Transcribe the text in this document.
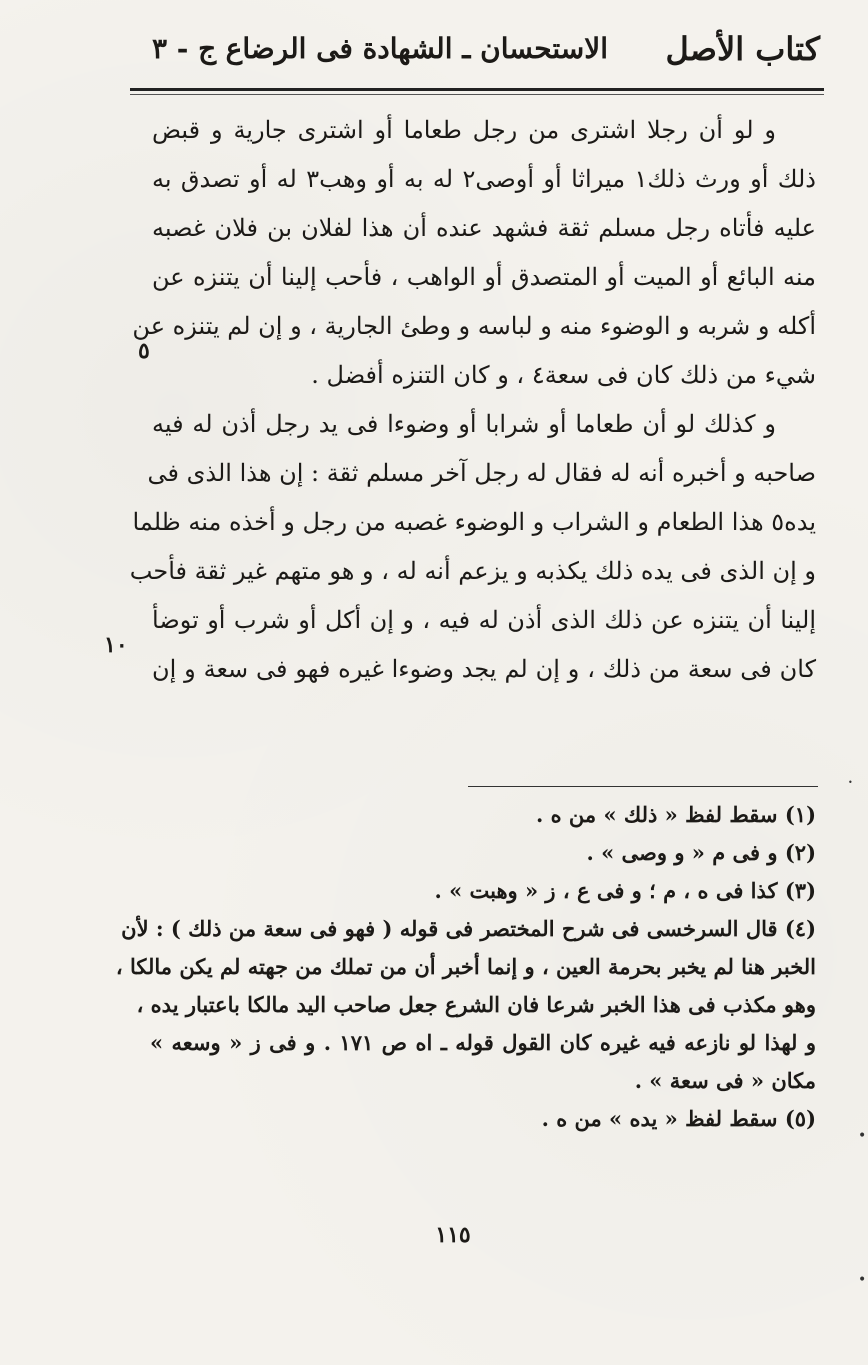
كتاب الأصل
الاستحسان ـ الشهادة فى الرضاع
ج - ٣
و لو أن رجلا اشترى من رجل طعاما أو اشترى جارية و قبض
ذلك أو ورث ذلك١ ميراثا أو أوصى٢ له به أو وهب٣ له أو تصدق به
عليه فأتاه رجل مسلم ثقة فشهد عنده أن هذا لفلان بن فلان غصبه
منه البائع أو الميت أو المتصدق أو الواهب ، فأحب إلينا أن يتنزه عن
أكله و شربه و الوضوء منه و لباسه و وطئ الجارية ، و إن لم يتنزه عن
شيء من ذلك كان فى سعة٤ ، و كان التنزه أفضل .
و كذلك لو أن طعاما أو شرابا أو وضوءا فى يد رجل أذن له فيه
صاحبه و أخبره أنه له فقال له رجل آخر مسلم ثقة : إن هذا الذى فى
يده٥ هذا الطعام و الشراب و الوضوء غصبه من رجل و أخذه منه ظلما
و إن الذى فى يده ذلك يكذبه و يزعم أنه له ، و هو متهم غير ثقة فأحب
إلينا أن يتنزه عن ذلك الذى أذن له فيه ، و إن أكل أو شرب أو توضأ
كان فى سعة من ذلك ، و إن لم يجد وضوءا غيره فهو فى سعة و إن
٥
١٠
(١) سقط لفظ « ذلك » من ه .
(٢) و فى م « و وصى » .
(٣) كذا فى ه ، م ؛ و فى ع ، ز « وهبت » .
(٤) قال السرخسى فى شرح المختصر فى قوله ( فهو فى سعة من ذلك ) : لأن
الخبر هنا لم يخبر بحرمة العين ، و إنما أخبر أن من تملك من جهته لم يكن مالكا ،
وهو مكذب فى هذا الخبر شرعا فان الشرع جعل صاحب اليد مالكا باعتبار يده ،
و لهذا لو نازعه فيه غيره كان القول قوله ـ اه ص ١٧١ . و فى ز « وسعه »
مكان « فى سعة » .
(٥) سقط لفظ « يده » من ه .
١١٥
•
•
•
